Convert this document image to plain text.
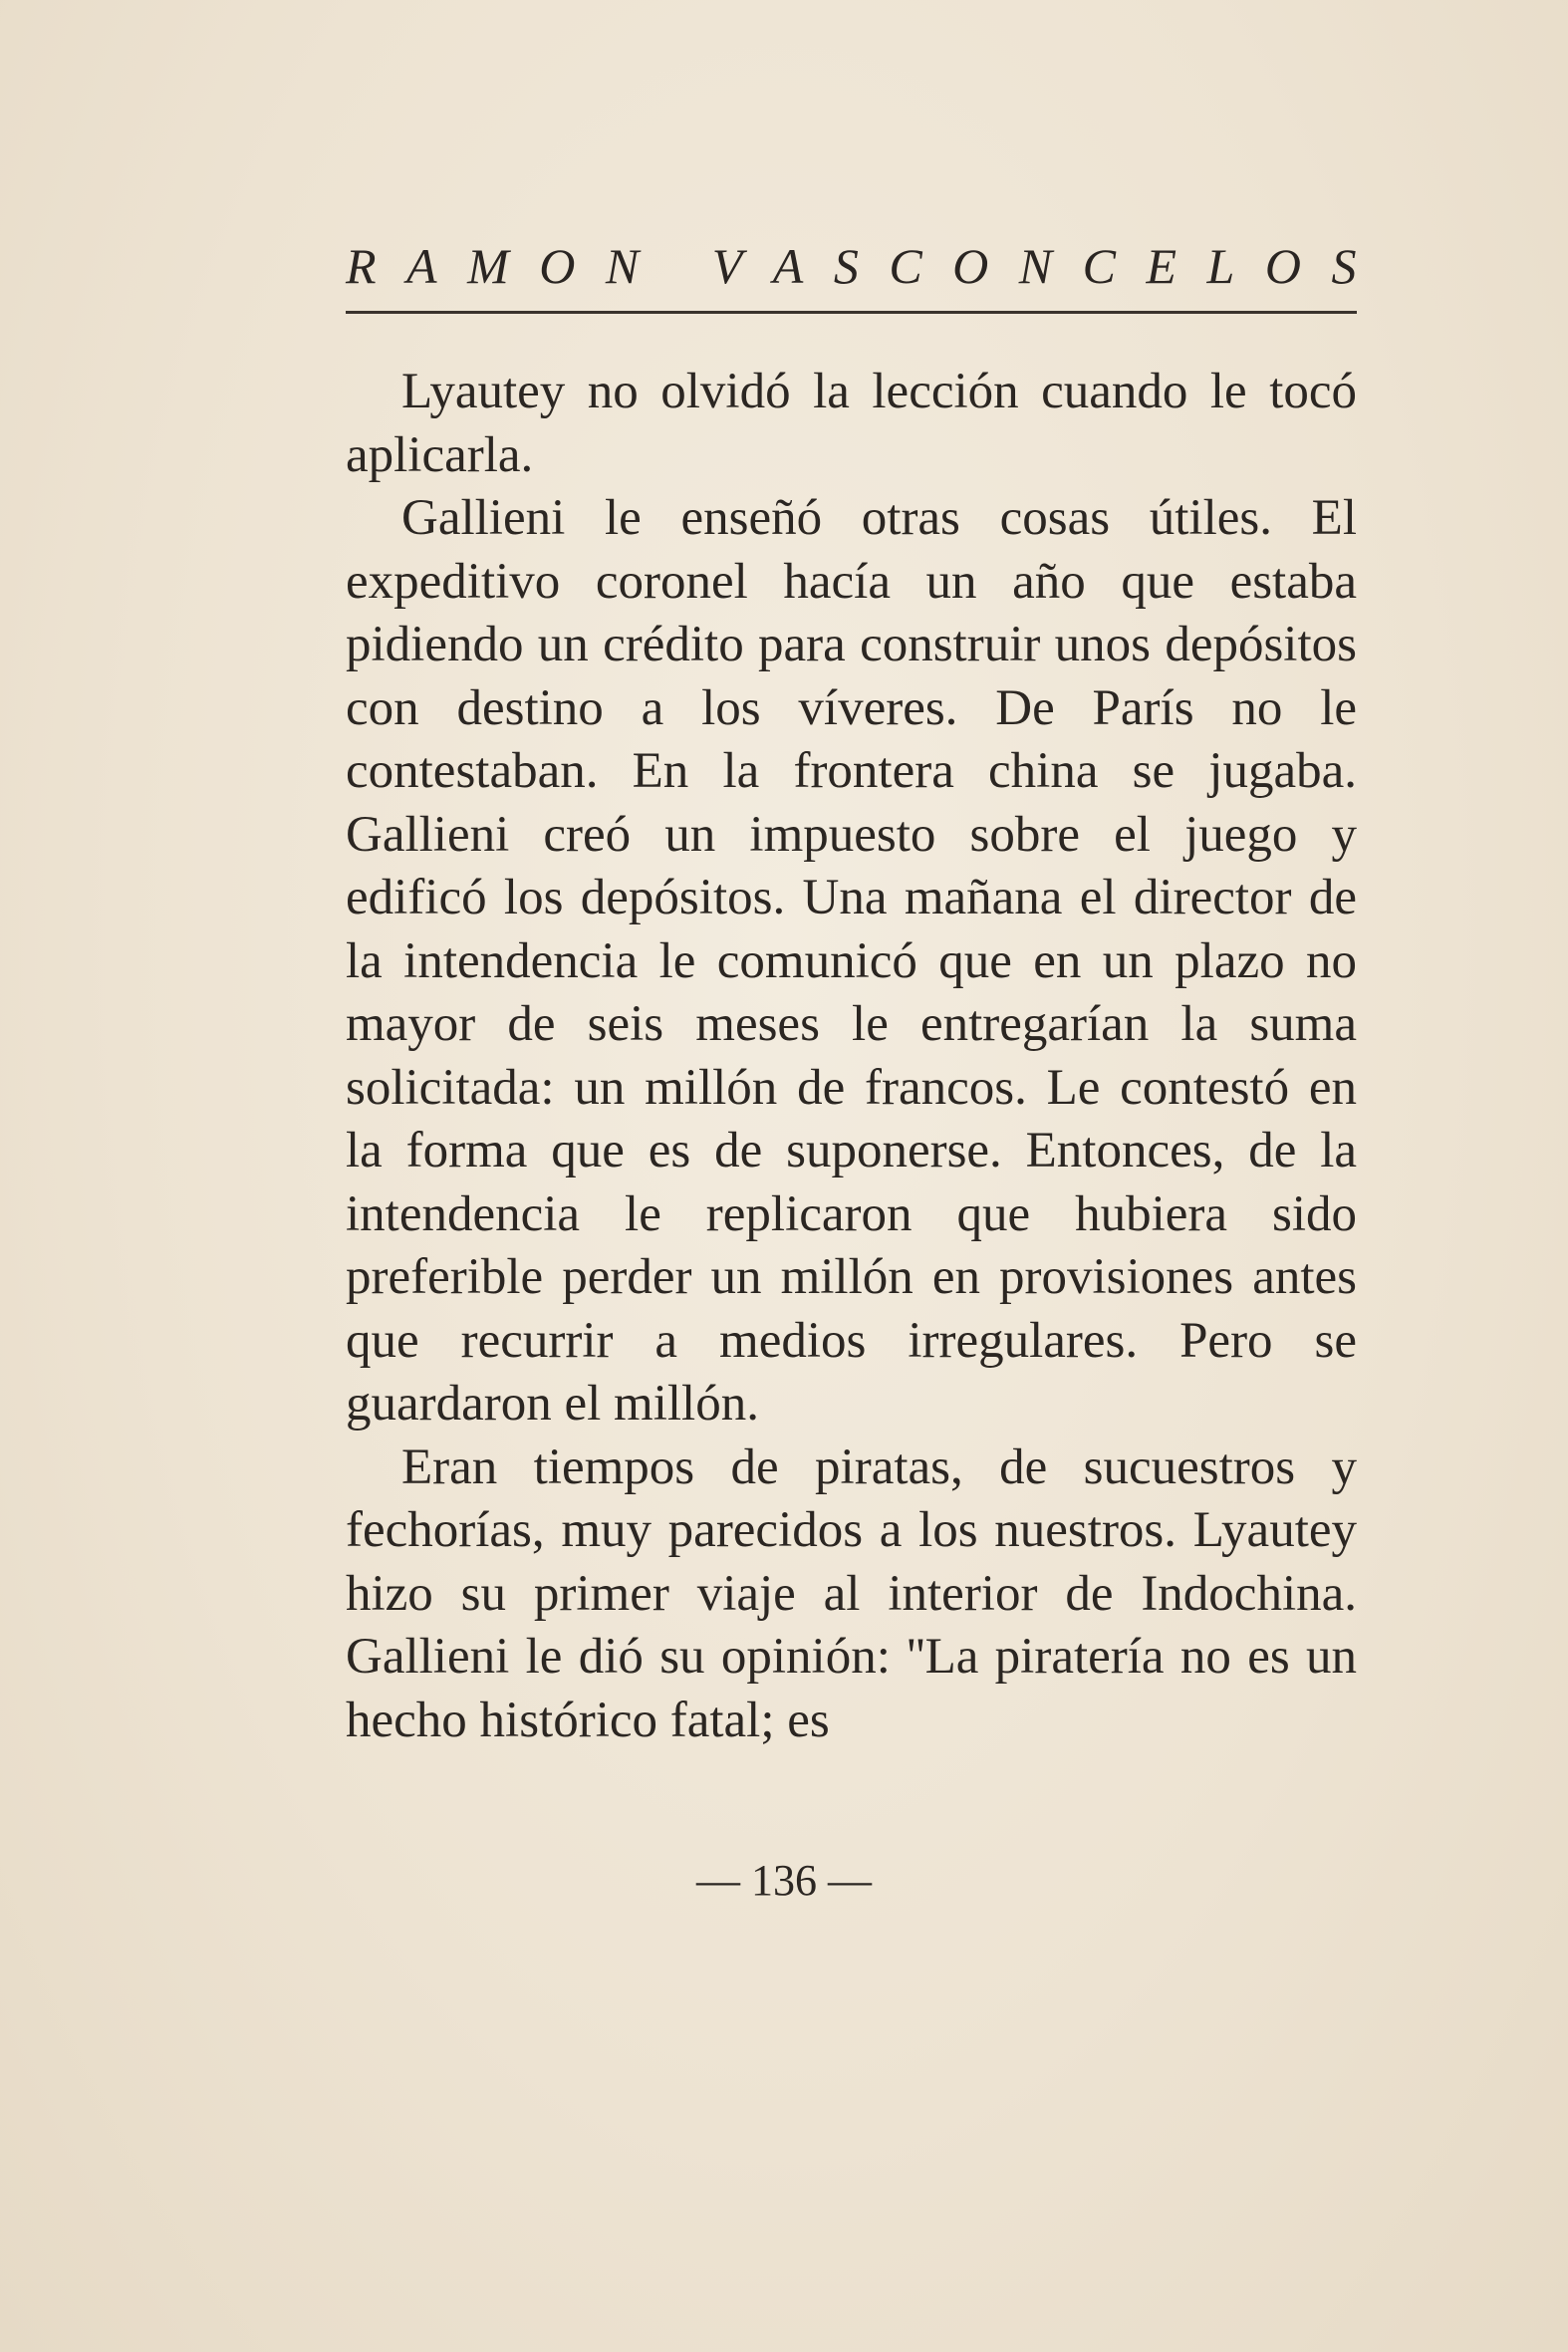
R A M O N
V A S C O N C E L O S

Lyautey no olvidó la lección cuando le tocó aplicarla.

Gallieni le enseñó otras cosas útiles. El expeditivo coronel hacía un año que estaba pidiendo un crédito para construir unos depósitos con destino a los víveres. De París no le contestaban. En la frontera china se jugaba. Gallieni creó un impuesto sobre el juego y edificó los depósitos. Una mañana el director de la intendencia le comunicó que en un plazo no mayor de seis meses le entregarían la suma solicitada: un millón de francos. Le contestó en la forma que es de suponerse. Entonces, de la intendencia le replicaron que hubiera sido preferible perder un millón en provisiones antes que recurrir a medios irregulares. Pero se guardaron el millón.

Eran tiempos de piratas, de sucuestros y fechorías, muy parecidos a los nuestros. Lyautey hizo su primer viaje al interior de Indochina. Gallieni le dió su opinión: ''La piratería no es un hecho histórico fatal; es

— 136 —
